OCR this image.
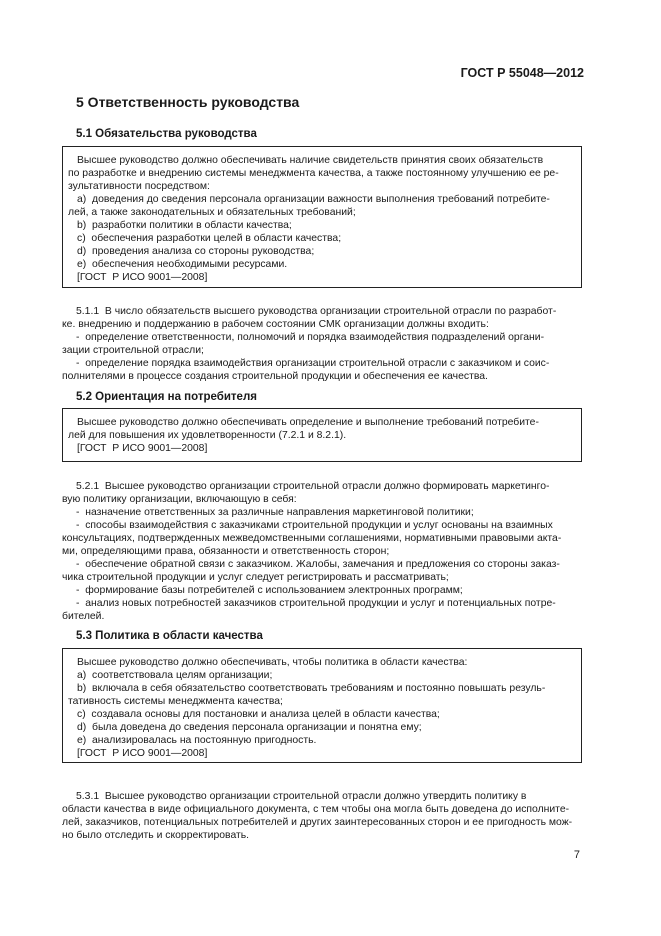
ГОСТ Р 55048—2012
5 Ответственность руководства
5.1 Обязательства руководства
Высшее руководство должно обеспечивать наличие свидетельств принятия своих обязательств
по разработке и внедрению системы менеджмента качества, а также постоянному улучшению ее ре-
зультативности посредством:
a)  доведения до сведения персонала организации важности выполнения требований потребите-
лей, а также законодательных и обязательных требований;
b)  разработки политики в области качества;
c)  обеспечения разработки целей в области качества;
d)  проведения анализа со стороны руководства;
e)  обеспечения необходимыми ресурсами.
[ГОСТ  Р ИСО 9001—2008]
5.1.1  В число обязательств высшего руководства организации строительной отрасли по разработ-
ке. внедрению и поддержанию в рабочем состоянии СМК организации должны входить:
-  определение ответственности, полномочий и порядка взаимодействия подразделений органи-
зации строительной отрасли;
-  определение порядка взаимодействия организации строительной отрасли с заказчиком и соис-
полнителями в процессе создания строительной продукции и обеспечения ее качества.
5.2 Ориентация на потребителя
Высшее руководство должно обеспечивать определение и выполнение требований потребите-
лей для повышения их удовлетворенности (7.2.1 и 8.2.1).
[ГОСТ  Р ИСО 9001—2008]
5.2.1  Высшее руководство организации строительной отрасли должно формировать маркетинго-
вую политику организации, включающую в себя:
-  назначение ответственных за различные направления маркетинговой политики;
-  способы взаимодействия с заказчиками строительной продукции и услуг основаны на взаимных
консультациях, подтвержденных межведомственными соглашениями, нормативными правовыми акта-
ми, определяющими права, обязанности и ответственность сторон;
-  обеспечение обратной связи с заказчиком. Жалобы, замечания и предложения со стороны заказ-
чика строительной продукции и услуг следует регистрировать и рассматривать;
-  формирование базы потребителей с использованием электронных программ;
-  анализ новых потребностей заказчиков строительной продукции и услуг и потенциальных потре-
бителей.
5.3 Политика в области качества
Высшее руководство должно обеспечивать, чтобы политика в области качества:
a)  соответствовала целям организации;
b)  включала в себя обязательство соответствовать требованиям и постоянно повышать резуль-
тативность системы менеджмента качества;
c)  создавала основы для постановки и анализа целей в области качества;
d)  была доведена до сведения персонала организации и понятна ему;
e)  анализировалась на постоянную пригодность.
[ГОСТ  Р ИСО 9001—2008]
5.3.1  Высшее руководство организации строительной отрасли должно утвердить политику в
области качества в виде официального документа, с тем чтобы она могла быть доведена до исполните-
лей, заказчиков, потенциальных потребителей и других заинтересованных сторон и ее пригодность мож-
но было отследить и скорректировать.
7
